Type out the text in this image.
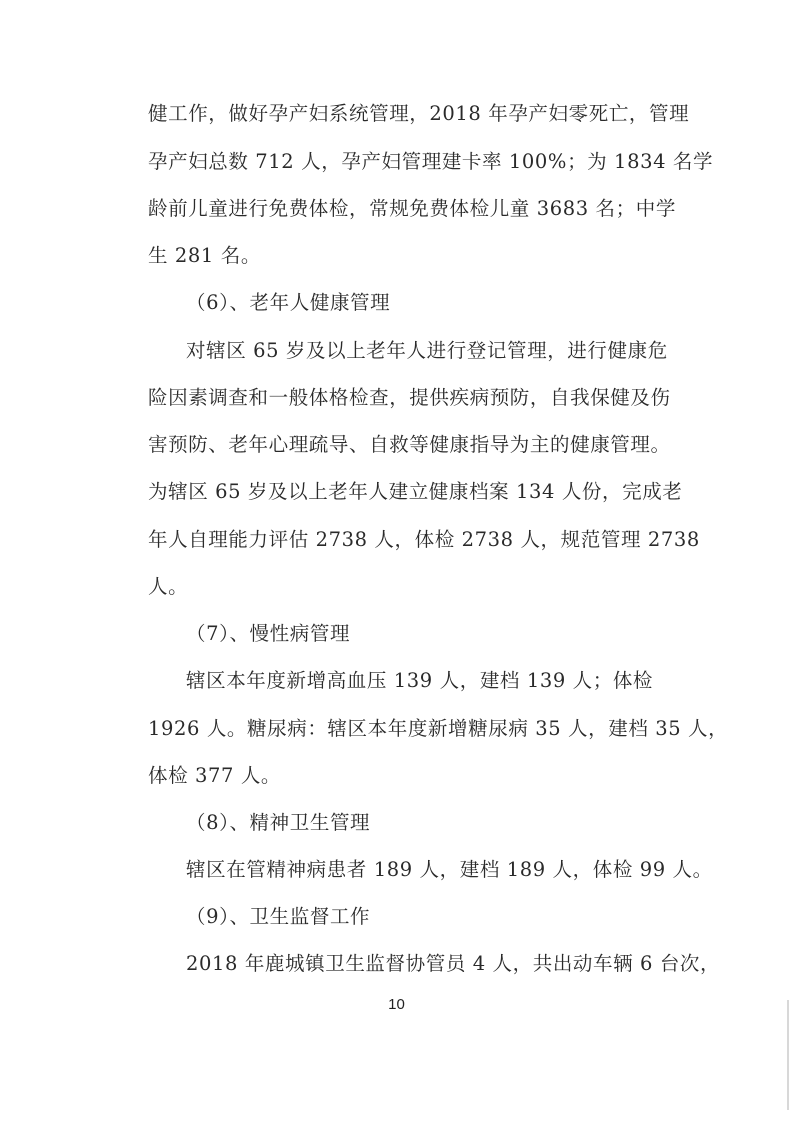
健工作，做好孕产妇系统管理，2018 年孕产妇零死亡，管理
孕产妇总数 712 人，孕产妇管理建卡率 100%；为 1834 名学
龄前儿童进行免费体检，常规免费体检儿童 3683 名；中学
生 281 名。
（6）、老年人健康管理
对辖区 65 岁及以上老年人进行登记管理，进行健康危
险因素调查和一般体格检查，提供疾病预防，自我保健及伤
害预防、老年心理疏导、自救等健康指导为主的健康管理。
为辖区 65 岁及以上老年人建立健康档案 134 人份，完成老
年人自理能力评估 2738 人，体检 2738 人，规范管理 2738
人。
（7）、慢性病管理
辖区本年度新增高血压 139 人，建档 139 人；体检
1926 人。糖尿病：辖区本年度新增糖尿病 35 人，建档 35 人，
体检 377 人。
（8）、精神卫生管理
辖区在管精神病患者 189 人，建档 189 人，体检 99 人。
（9）、卫生监督工作
2018 年鹿城镇卫生监督协管员 4 人，共出动车辆 6 台次，
10
